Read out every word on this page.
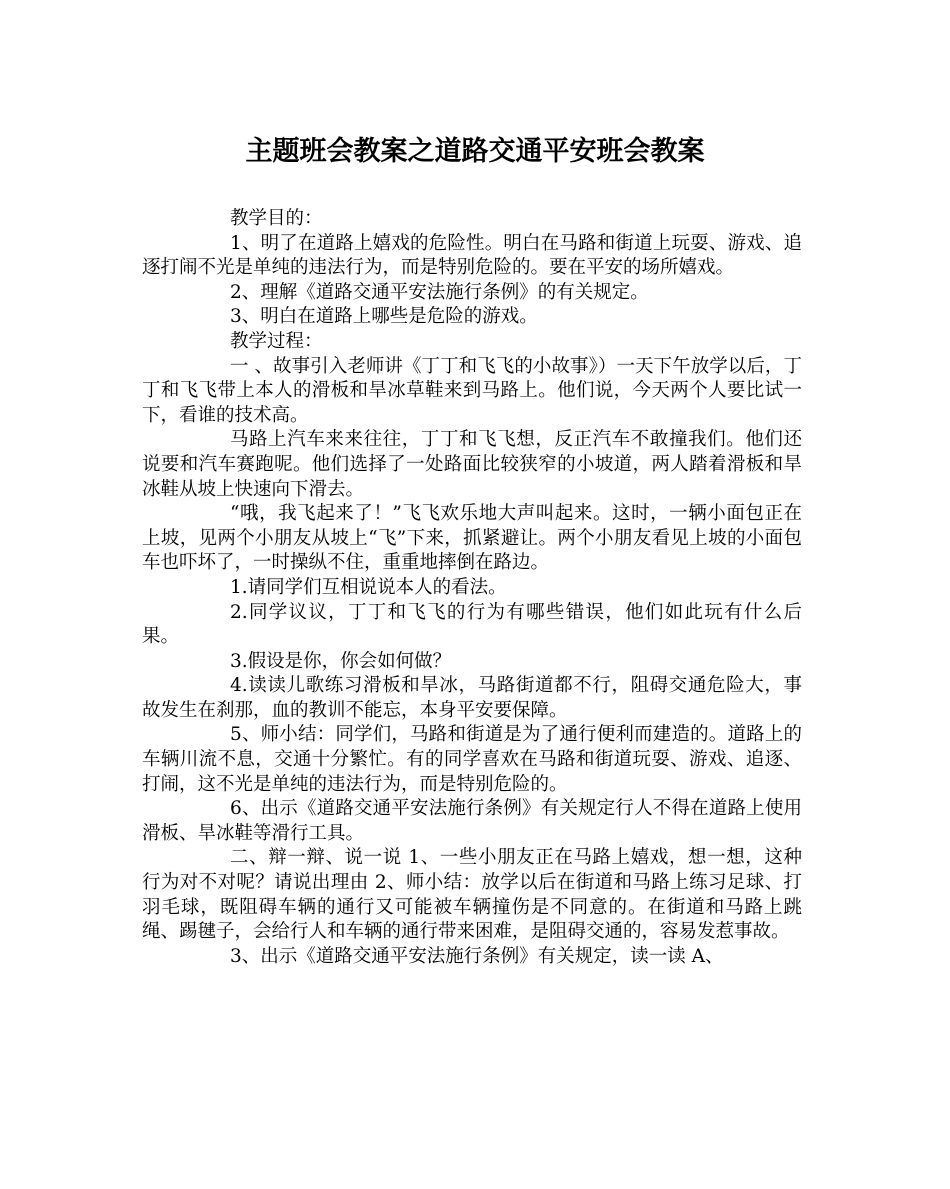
主题班会教案之道路交通平安班会教案

教学目的：

1、明了在道路上嬉戏的危险性。明白在马路和街道上玩耍、游戏、追逐打闹不光是单纯的违法行为，而是特别危险的。要在平安的场所嬉戏。

2、理解《道路交通平安法施行条例》的有关规定。

3、明白在道路上哪些是危险的游戏。

教学过程：

一 、故事引入老师讲《丁丁和飞飞的小故事》）一天下午放学以后，丁丁和飞飞带上本人的滑板和旱冰草鞋来到马路上。他们说，今天两个人要比试一下，看谁的技术高。

马路上汽车来来往往，丁丁和飞飞想，反正汽车不敢撞我们。他们还说要和汽车赛跑呢。他们选择了一处路面比较狭窄的小坡道，两人踏着滑板和旱冰鞋从坡上快速向下滑去。

“哦，我飞起来了！”飞飞欢乐地大声叫起来。这时，一辆小面包正在上坡，见两个小朋友从坡上“飞”下来，抓紧避让。两个小朋友看见上坡的小面包车也吓坏了，一时操纵不住，重重地摔倒在路边。

1.请同学们互相说说本人的看法。

2.同学议议，丁丁和飞飞的行为有哪些错误，他们如此玩有什么后果。

3.假设是你，你会如何做？

4.读读儿歌练习滑板和旱冰，马路街道都不行，阻碍交通危险大，事故发生在刹那，血的教训不能忘，本身平安要保障。

5、师小结：同学们，马路和街道是为了通行便利而建造的。道路上的车辆川流不息，交通十分繁忙。有的同学喜欢在马路和街道玩耍、游戏、追逐、打闹，这不光是单纯的违法行为，而是特别危险的。

6、出示《道路交通平安法施行条例》有关规定行人不得在道路上使用滑板、旱冰鞋等滑行工具。

二、辩一辩、说一说 1、一些小朋友正在马路上嬉戏，想一想，这种行为对不对呢？请说出理由 2、师小结：放学以后在街道和马路上练习足球、打羽毛球，既阻碍车辆的通行又可能被车辆撞伤是不同意的。在街道和马路上跳绳、踢毽子，会给行人和车辆的通行带来困难，是阻碍交通的，容易发惹事故。

3、出示《道路交通平安法施行条例》有关规定，读一读 A、
